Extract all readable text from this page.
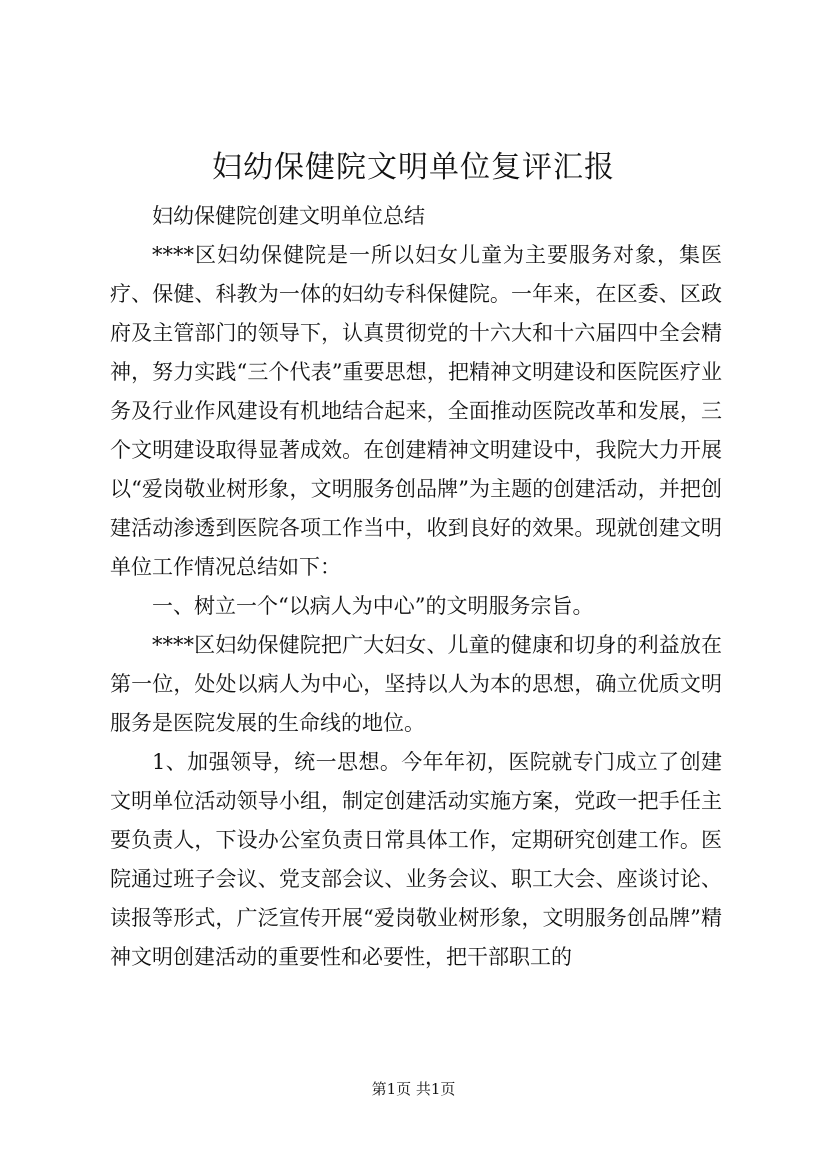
妇幼保健院文明单位复评汇报

妇幼保健院创建文明单位总结

****区妇幼保健院是一所以妇女儿童为主要服务对象，集医疗、保健、科教为一体的妇幼专科保健院。一年来，在区委、区政府及主管部门的领导下，认真贯彻党的十六大和十六届四中全会精神，努力实践“三个代表”重要思想，把精神文明建设和医院医疗业务及行业作风建设有机地结合起来，全面推动医院改革和发展，三个文明建设取得显著成效。在创建精神文明建设中，我院大力开展以“爱岗敬业树形象，文明服务创品牌”为主题的创建活动，并把创建活动渗透到医院各项工作当中，收到良好的效果。现就创建文明单位工作情况总结如下：

一、树立一个“以病人为中心”的文明服务宗旨。

****区妇幼保健院把广大妇女、儿童的健康和切身的利益放在第一位，处处以病人为中心，坚持以人为本的思想，确立优质文明服务是医院发展的生命线的地位。

1、加强领导，统一思想。今年年初，医院就专门成立了创建文明单位活动领导小组，制定创建活动实施方案，党政一把手任主要负责人，下设办公室负责日常具体工作，定期研究创建工作。医院通过班子会议、党支部会议、业务会议、职工大会、座谈讨论、读报等形式，广泛宣传开展“爱岗敬业树形象，文明服务创品牌”精神文明创建活动的重要性和必要性，把干部职工的

第1页 共1页
